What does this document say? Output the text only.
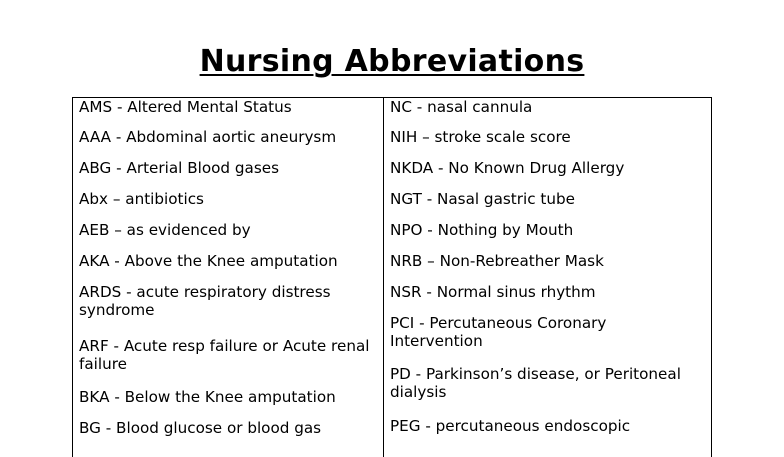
Nursing Abbreviations
AMS - Altered Mental Status
AAA - Abdominal aortic aneurysm
ABG - Arterial Blood gases
Abx – antibiotics
AEB – as evidenced by
AKA - Above the Knee amputation
ARDS - acute respiratory distress syndrome
ARF - Acute resp failure or Acute renal failure
BKA - Below the Knee amputation
BG - Blood glucose or blood gas
NC - nasal cannula
NIH – stroke scale score
NKDA - No Known Drug Allergy
NGT - Nasal gastric tube
NPO - Nothing by Mouth
NRB – Non-Rebreather Mask
NSR - Normal sinus rhythm
PCI - Percutaneous Coronary Intervention
PD - Parkinson’s disease, or Peritoneal dialysis
PEG - percutaneous endoscopic
